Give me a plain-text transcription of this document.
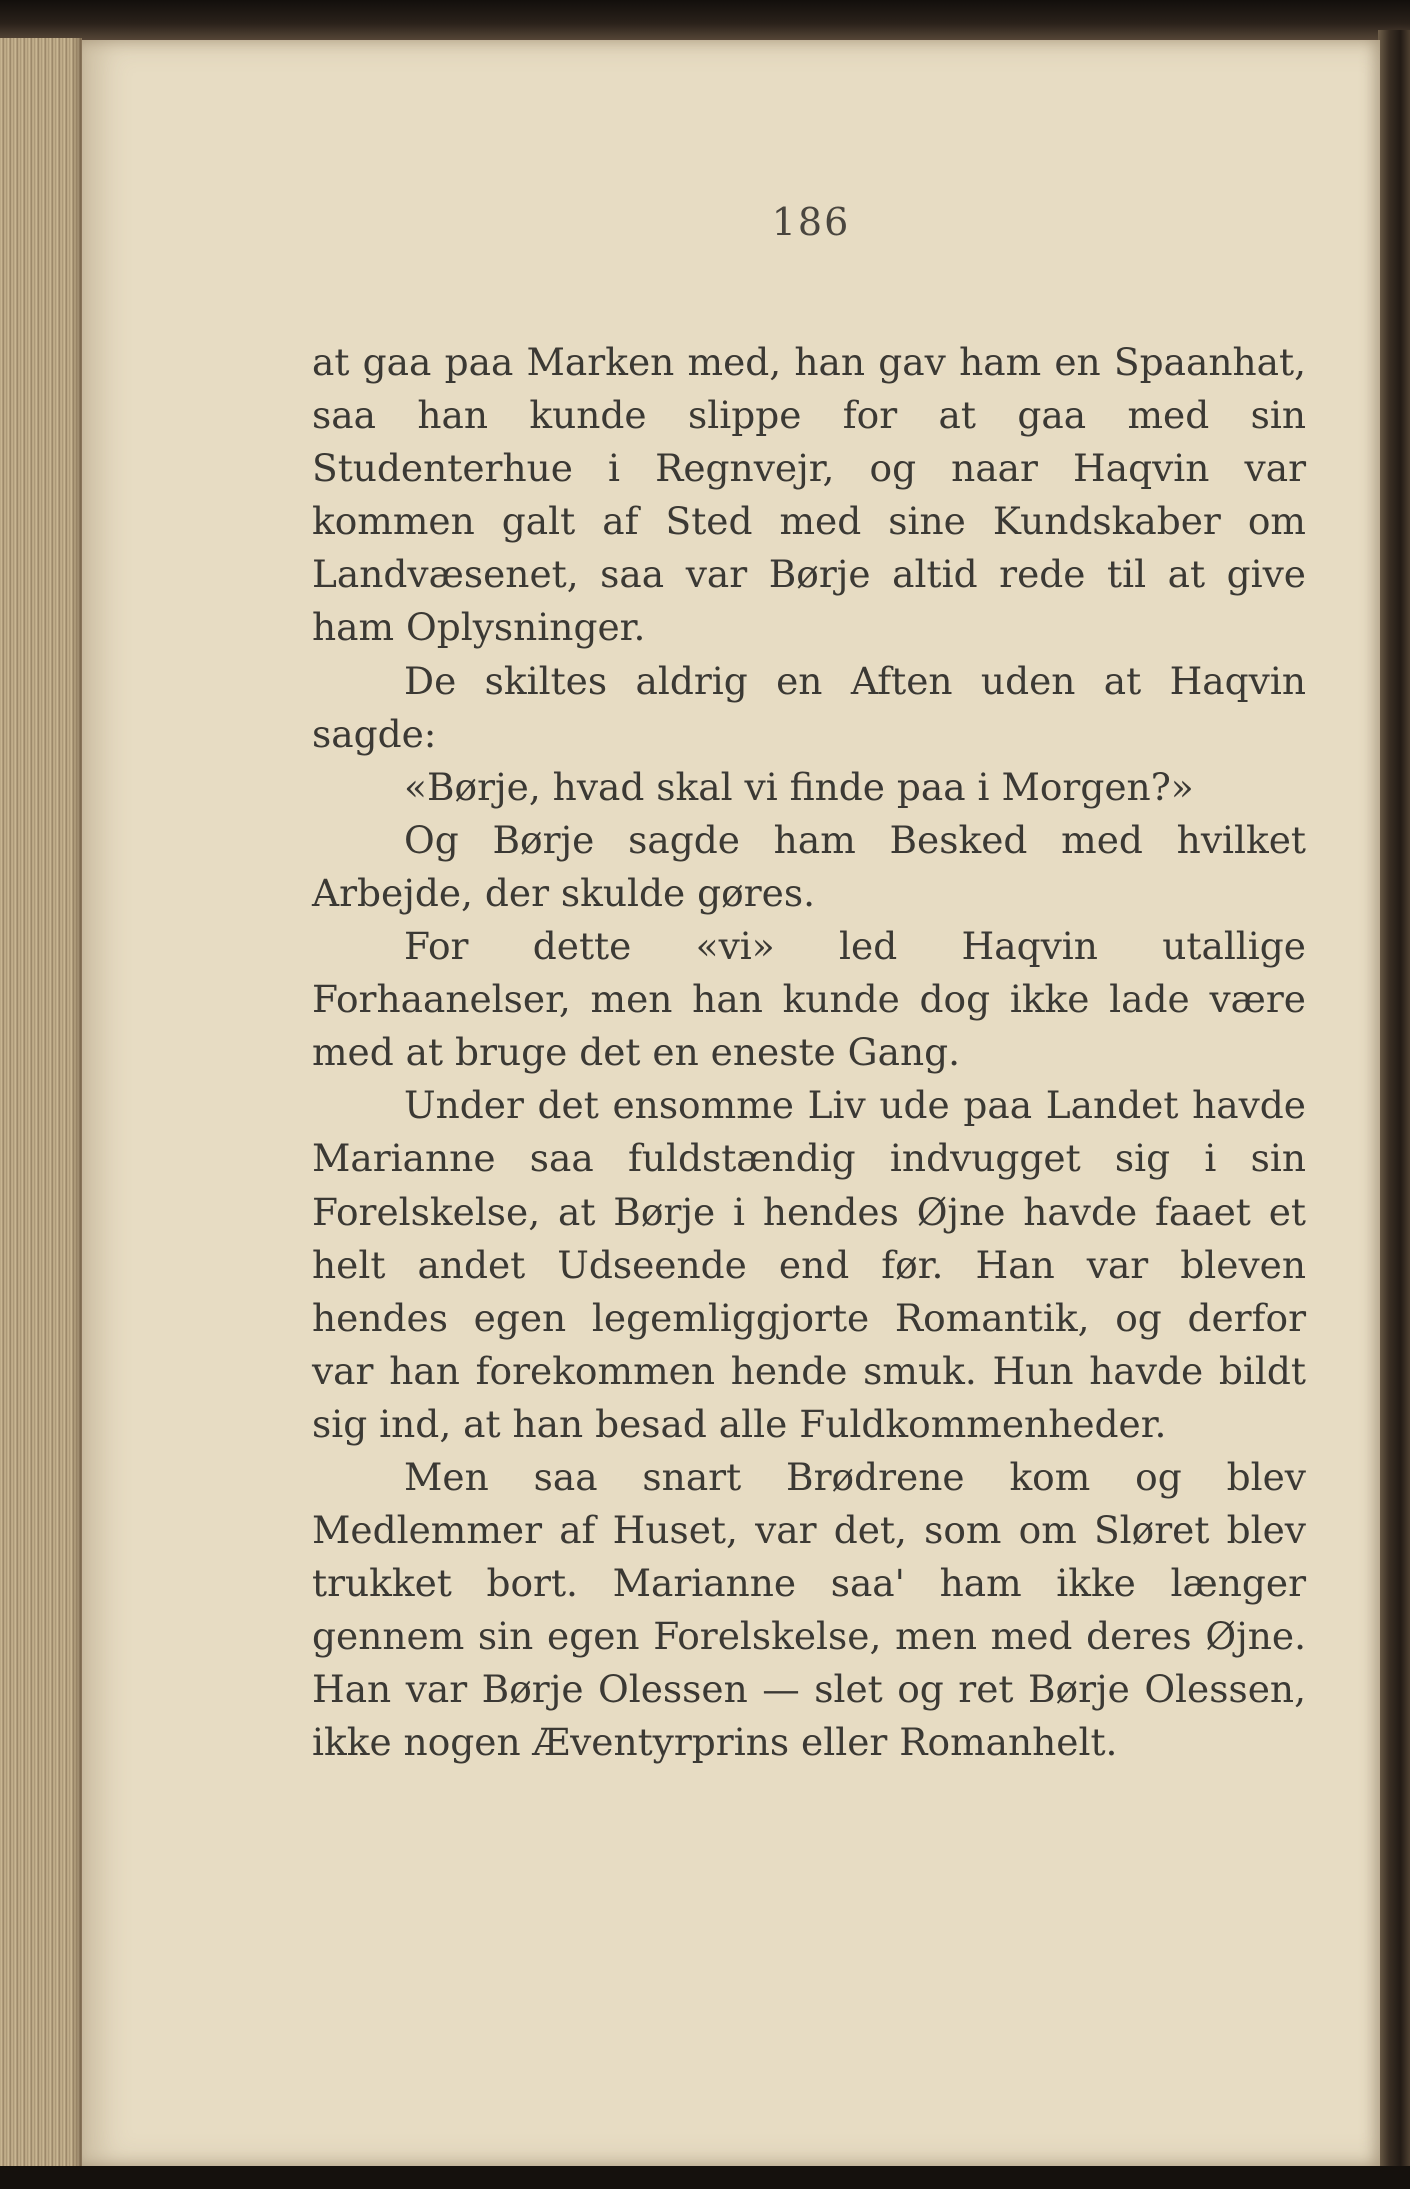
186

at gaa paa Marken med, han gav ham en Spaanhat, saa han kunde slippe for at gaa med sin Studenterhue i Regnvejr, og naar Haqvin var kommen galt af Sted med sine Kundskaber om Landvæsenet, saa var Børje altid rede til at give ham Oplysninger.

De skiltes aldrig en Aften uden at Haqvin sagde:

«Børje, hvad skal vi finde paa i Morgen?»

Og Børje sagde ham Besked med hvilket Arbejde, der skulde gøres.

For dette «vi» led Haqvin utallige Forhaanelser, men han kunde dog ikke lade være med at bruge det en eneste Gang.

Under det ensomme Liv ude paa Landet havde Marianne saa fuldstændig indvugget sig i sin Forelskelse, at Børje i hendes Øjne havde faaet et helt andet Udseende end før. Han var bleven hendes egen legemliggjorte Romantik, og derfor var han forekommen hende smuk. Hun havde bildt sig ind, at han besad alle Fuldkommenheder.

Men saa snart Brødrene kom og blev Medlemmer af Huset, var det, som om Sløret blev trukket bort. Marianne saa' ham ikke længer gennem sin egen Forelskelse, men med deres Øjne. Han var Børje Olessen — slet og ret Børje Olessen, ikke nogen Æventyrprins eller Romanhelt.
